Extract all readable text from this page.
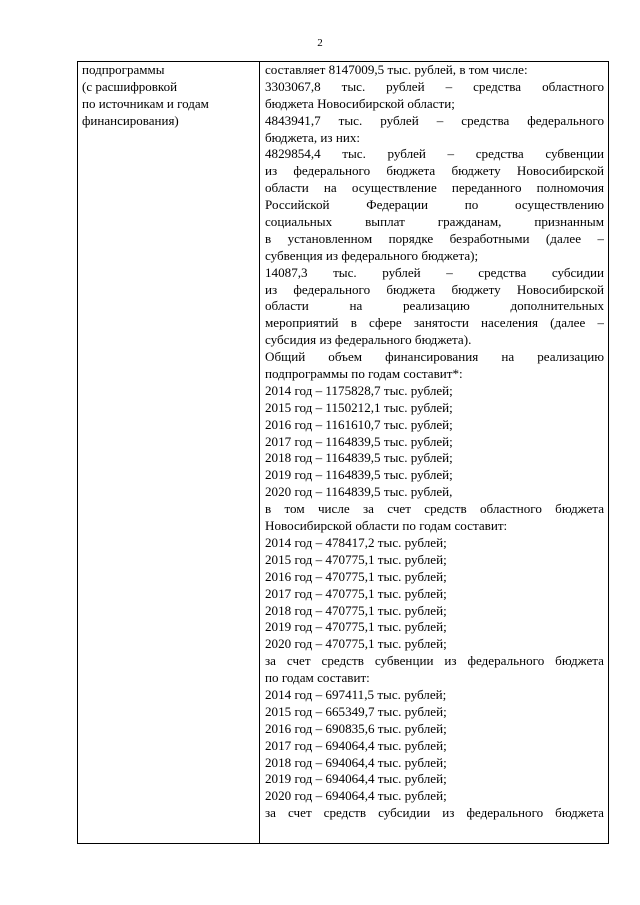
2
подпрограммы
(с расшифровкой
по источникам и годам
финансирования)
составляет 8147009,5 тыс. рублей, в том числе:
3303067,8 тыс. рублей – средства областного
бюджета Новосибирской области;
4843941,7 тыс. рублей – средства федерального
бюджета, из них:
4829854,4 тыс. рублей – средства субвенции
из федерального бюджета бюджету Новосибирской
области на осуществление переданного полномочия
Российской Федерации по осуществлению
социальных выплат гражданам, признанным
в установленном порядке безработными (далее –
субвенция из федерального бюджета);
14087,3 тыс. рублей – средства субсидии
из федерального бюджета бюджету Новосибирской
области на реализацию дополнительных
мероприятий в сфере занятости населения (далее –
субсидия из федерального бюджета).
Общий объем финансирования на реализацию
подпрограммы по годам составит*:
2014 год – 1175828,7 тыс. рублей;
2015 год – 1150212,1 тыс. рублей;
2016 год – 1161610,7 тыс. рублей;
2017 год – 1164839,5 тыс. рублей;
2018 год – 1164839,5 тыс. рублей;
2019 год – 1164839,5 тыс. рублей;
2020 год – 1164839,5 тыс. рублей,
в том числе за счет средств областного бюджета
Новосибирской области по годам составит:
2014 год – 478417,2 тыс. рублей;
2015 год – 470775,1 тыс. рублей;
2016 год – 470775,1 тыс. рублей;
2017 год – 470775,1 тыс. рублей;
2018 год – 470775,1 тыс. рублей;
2019 год – 470775,1 тыс. рублей;
2020 год – 470775,1 тыс. рублей;
за счет средств субвенции из федерального бюджета
по годам составит:
2014 год – 697411,5 тыс. рублей;
2015 год – 665349,7 тыс. рублей;
2016 год – 690835,6 тыс. рублей;
2017 год – 694064,4 тыс. рублей;
2018 год – 694064,4 тыс. рублей;
2019 год – 694064,4 тыс. рублей;
2020 год – 694064,4 тыс. рублей;
за счет средств субсидии из федерального бюджета
